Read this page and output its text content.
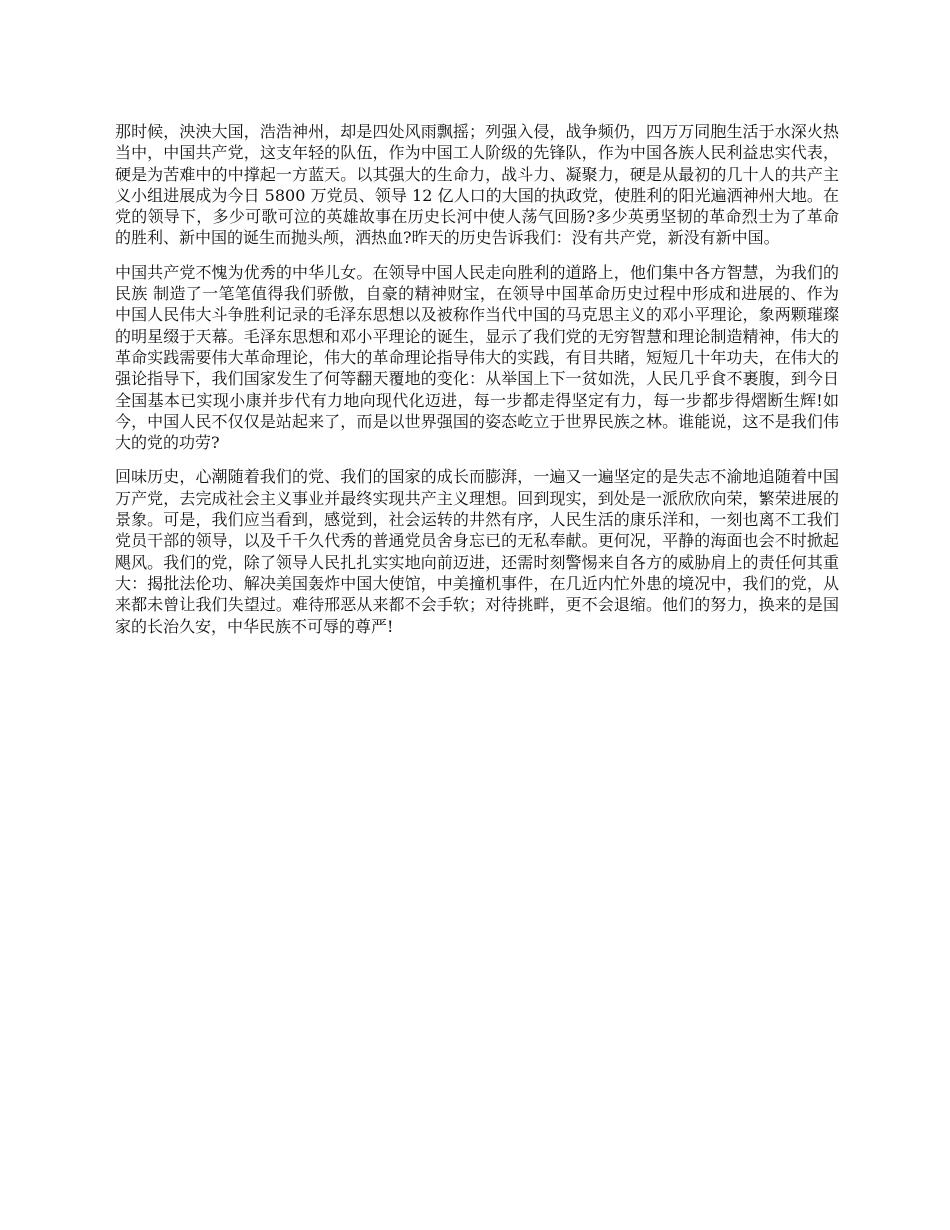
那时候，泱泱大国，浩浩神州，却是四处风雨飘摇；列强入侵，战争频仍，四万万同胞生活于水深火热当中，中国共产党，这支年轻的队伍，作为中国工人阶级的先锋队，作为中国各族人民利益忠实代表，硬是为苦难中的中撑起一方蓝天。以其强大的生命力，战斗力、凝聚力，硬是从最初的几十人的共产主义小组进展成为今日 5800 万党员、领导 12 亿人口的大国的执政党，使胜利的阳光遍洒神州大地。在党的领导下，多少可歌可泣的英雄故事在历史长河中使人荡气回肠?多少英勇坚韧的革命烈士为了革命的胜利、新中国的诞生而抛头颅，洒热血?昨天的历史告诉我们：没有共产党，新没有新中国。

中国共产党不愧为优秀的中华儿女。在领导中国人民走向胜利的道路上，他们集中各方智慧，为我们的民族 制造了一笔笔值得我们骄傲，自豪的精神财宝，在领导中国革命历史过程中形成和进展的、作为中国人民伟大斗争胜利记录的毛泽东思想以及被称作当代中国的马克思主义的邓小平理论，象两颗璀璨的明星缀于天幕。毛泽东思想和邓小平理论的诞生，显示了我们党的无穷智慧和理论制造精神，伟大的革命实践需要伟大革命理论，伟大的革命理论指导伟大的实践，有目共睹，短短几十年功夫，在伟大的强论指导下，我们国家发生了何等翻天覆地的变化：从举国上下一贫如洗，人民几乎食不裹腹，到今日全国基本已实现小康并步代有力地向现代化迈进，每一步都走得坚定有力，每一步都步得熠断生辉!如今，中国人民不仅仅是站起来了，而是以世界强国的姿态屹立于世界民族之林。谁能说，这不是我们伟大的党的功劳?

回味历史，心潮随着我们的党、我们的国家的成长而膨湃，一遍又一遍坚定的是失志不渝地追随着中国万产党，去完成社会主义事业并最终实现共产主义理想。回到现实，到处是一派欣欣向荣，繁荣进展的景象。可是，我们应当看到，感觉到，社会运转的井然有序，人民生活的康乐洋和，一刻也离不工我们党员干部的领导，以及千千久代秀的普通党员舍身忘已的无私奉献。更何况，平静的海面也会不时掀起飓风。我们的党，除了领导人民扎扎实实地向前迈进，还需时刻警惕来自各方的威胁肩上的责任何其重大：揭批法伦功、解决美国轰炸中国大使馆，中美撞机事件，在几近内忙外患的境况中，我们的党，从来都未曾让我们失望过。难待邢恶从来都不会手软；对待挑畔，更不会退缩。他们的努力，换来的是国家的长治久安，中华民族不可辱的尊严!
